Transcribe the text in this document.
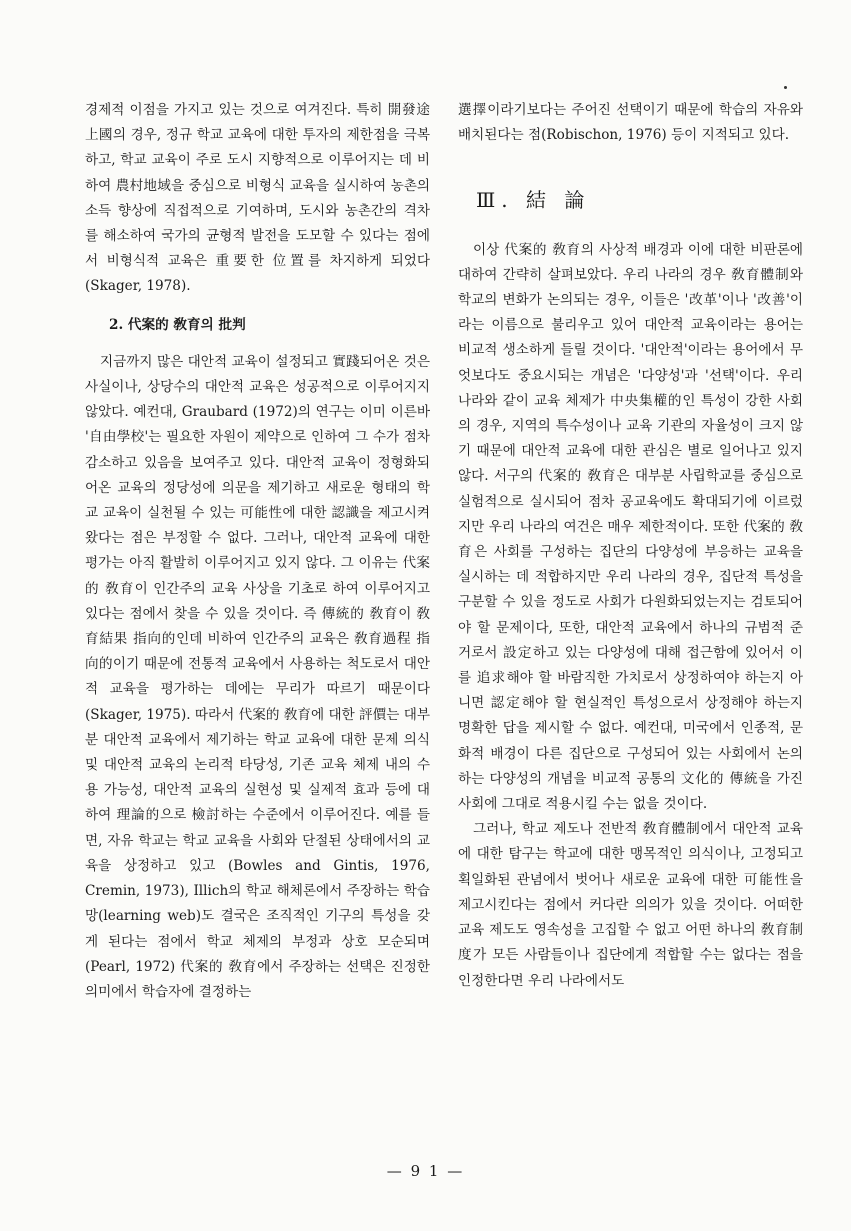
경제적 이점을 가지고 있는 것으로 여겨진다. 특히 開發途上國의 경우, 정규 학교 교육에 대한 투자의 제한점을 극복하고, 학교 교육이 주로 도시 지향적으로 이루어지는 데 비하여 農村地域을 중심으로 비형식 교육을 실시하여 농촌의 소득 향상에 직접적으로 기여하며, 도시와 농촌간의 격차를 해소하여 국가의 균형적 발전을 도모할 수 있다는 점에서 비형식적 교육은 重要한 位置를 차지하게 되었다(Skager, 1978).

2. 代案的 敎育의 批判

지금까지 많은 대안적 교육이 설정되고 實踐되어온 것은 사실이나, 상당수의 대안적 교육은 성공적으로 이루어지지 않았다. 예컨대, Graubard (1972)의 연구는 이미 이른바 '自由學校'는 필요한 자원이 제약으로 인하여 그 수가 점차 감소하고 있음을 보여주고 있다. 대안적 교육이 정형화되어온 교육의 정당성에 의문을 제기하고 새로운 형태의 학교 교육이 실천될 수 있는 可能性에 대한 認識을 제고시켜 왔다는 점은 부정할 수 없다. 그러나, 대안적 교육에 대한 평가는 아직 활발히 이루어지고 있지 않다. 그 이유는 代案的 敎育이 인간주의 교육 사상을 기초로 하여 이루어지고 있다는 점에서 찾을 수 있을 것이다. 즉 傳統的 敎育이 敎育結果 指向的인데 비하여 인간주의 교육은 敎育過程 指向的이기 때문에 전통적 교육에서 사용하는 척도로서 대안적 교육을 평가하는 데에는 무리가 따르기 때문이다(Skager, 1975). 따라서 代案的 敎育에 대한 評價는 대부분 대안적 교육에서 제기하는 학교 교육에 대한 문제 의식 및 대안적 교육의 논리적 타당성, 기존 교육 체제 내의 수용 가능성, 대안적 교육의 실현성 및 실제적 효과 등에 대하여 理論的으로 檢討하는 수준에서 이루어진다. 예를 들면, 자유 학교는 학교 교육을 사회와 단절된 상태에서의 교육을 상정하고 있고 (Bowles and Gintis, 1976, Cremin, 1973), Illich의 학교 해체론에서 주장하는 학습망(learning web)도 결국은 조직적인 기구의 특성을 갖게 된다는 점에서 학교 체제의 부정과 상호 모순되며(Pearl, 1972) 代案的 敎育에서 주장하는 선택은 진정한 의미에서 학습자에 결정하는

選擇이라기보다는 주어진 선택이기 때문에 학습의 자유와 배치된다는 점(Robischon, 1976) 등이 지적되고 있다.

Ⅲ. 結 論

이상 代案的 敎育의 사상적 배경과 이에 대한 비판론에 대하여 간략히 살펴보았다. 우리 나라의 경우 敎育體制와 학교의 변화가 논의되는 경우, 이들은 '改革'이나 '改善'이라는 이름으로 불리우고 있어 대안적 교육이라는 용어는 비교적 생소하게 들릴 것이다. '대안적'이라는 용어에서 무엇보다도 중요시되는 개념은 '다양성'과 '선택'이다. 우리 나라와 같이 교육 체제가 中央集權的인 특성이 강한 사회의 경우, 지역의 특수성이나 교육 기관의 자율성이 크지 않기 때문에 대안적 교육에 대한 관심은 별로 일어나고 있지 않다. 서구의 代案的 敎育은 대부분 사립학교를 중심으로 실험적으로 실시되어 점차 공교육에도 확대되기에 이르렀지만 우리 나라의 여건은 매우 제한적이다. 또한 代案的 敎育은 사회를 구성하는 집단의 다양성에 부응하는 교육을 실시하는 데 적합하지만 우리 나라의 경우, 집단적 특성을 구분할 수 있을 정도로 사회가 다원화되었는지는 검토되어야 할 문제이다, 또한, 대안적 교육에서 하나의 규범적 준거로서 設定하고 있는 다양성에 대해 접근함에 있어서 이를 追求해야 할 바람직한 가치로서 상정하여야 하는지 아니면 認定해야 할 현실적인 특성으로서 상정해야 하는지 명확한 답을 제시할 수 없다. 예컨대, 미국에서 인종적, 문화적 배경이 다른 집단으로 구성되어 있는 사회에서 논의하는 다양성의 개념을 비교적 공통의 文化的 傳統을 가진 사회에 그대로 적용시킬 수는 없을 것이다.

그러나, 학교 제도나 전반적 敎育體制에서 대안적 교육에 대한 탐구는 학교에 대한 맹목적인 의식이나, 고정되고 획일화된 관념에서 벗어나 새로운 교육에 대한 可能性을 제고시킨다는 점에서 커다란 의의가 있을 것이다. 어떠한 교육 제도도 영속성을 고집할 수 없고 어떤 하나의 敎育制度가 모든 사람들이나 집단에게 적합할 수는 없다는 점을 인정한다면 우리 나라에서도

— 9 1 —
